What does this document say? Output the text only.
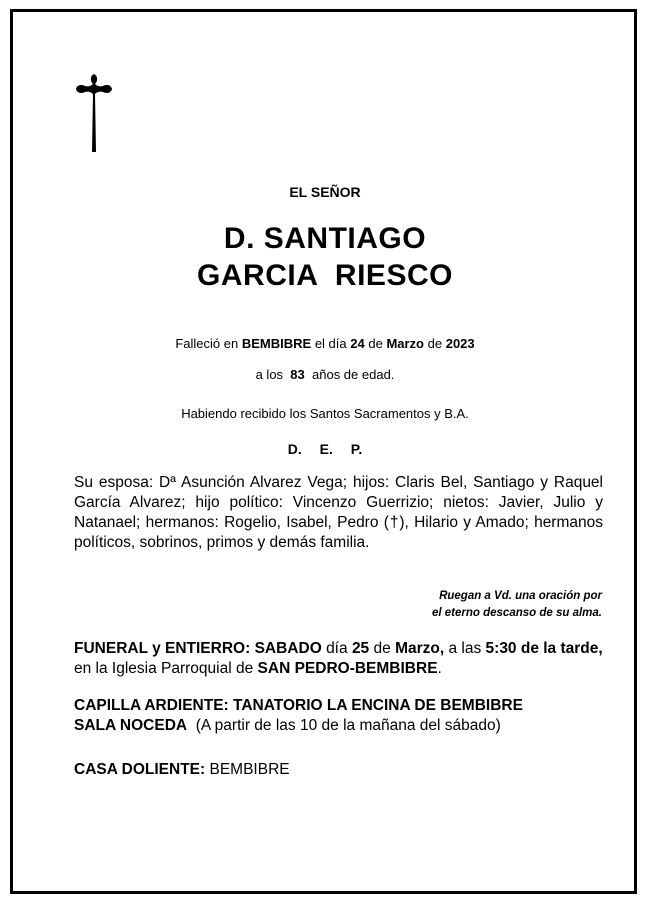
EL SEÑOR
D. SANTIAGO
GARCIA  RIESCO
Falleció en BEMBIBRE el día 24 de Marzo de 2023
a los 83 años de edad.
Habiendo recibido los Santos Sacramentos y B.A.
D. E. P.
Su esposa: Dª Asunción Alvarez Vega; hijos: Claris Bel, Santiago y Raquel García Alvarez; hijo político: Vincenzo Guerrizio; nietos: Javier, Julio y Natanael; hermanos: Rogelio, Isabel, Pedro (†), Hilario y Amado; hermanos políticos, sobrinos, primos y demás familia.
Ruegan a Vd. una oración por
el eterno descanso de su alma.
FUNERAL y ENTIERRO: SABADO día 25 de Marzo, a las 5:30 de la tarde,
en la Iglesia Parroquial de SAN PEDRO-BEMBIBRE.
CAPILLA ARDIENTE: TANATORIO LA ENCINA DE BEMBIBRE
SALA NOCEDA (A partir de las 10 de la mañana del sábado)
CASA DOLIENTE: BEMBIBRE
